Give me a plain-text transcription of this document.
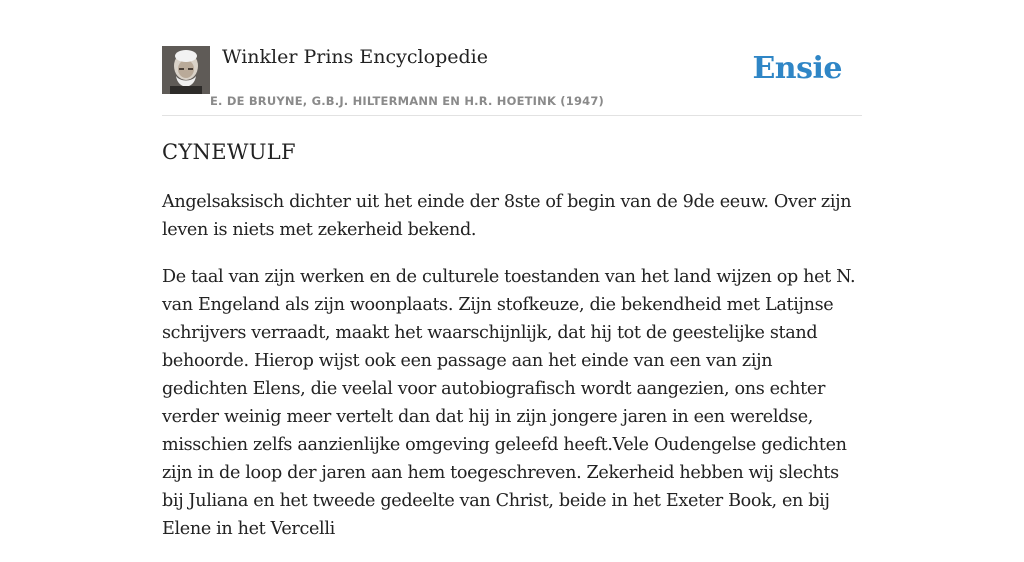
Winkler Prins Encyclopedie
E. DE BRUYNE, G.B.J. HILTERMANN EN H.R. HOETINK (1947)
Ensie
CYNEWULF

Angelsaksisch dichter uit het einde der 8ste of begin van de 9de eeuw. Over zijn leven is niets met zekerheid bekend.

De taal van zijn werken en de culturele toestanden van het land wijzen op het N. van Engeland als zijn woonplaats. Zijn stofkeuze, die bekendheid met Latijnse schrijvers verraadt, maakt het waarschijnlijk, dat hij tot de geestelijke stand behoorde. Hierop wijst ook een passage aan het einde van een van zijn gedichten Elens, die veelal voor autobiografisch wordt aangezien, ons echter verder weinig meer vertelt dan dat hij in zijn jongere jaren in een wereldse, misschien zelfs aanzienlijke omgeving geleefd heeft.Vele Oudengelse gedichten zijn in de loop der jaren aan hem toegeschreven. Zekerheid hebben wij slechts bij Juliana en het tweede gedeelte van Christ, beide in het Exeter Book, en bij Elene in het Vercelli
